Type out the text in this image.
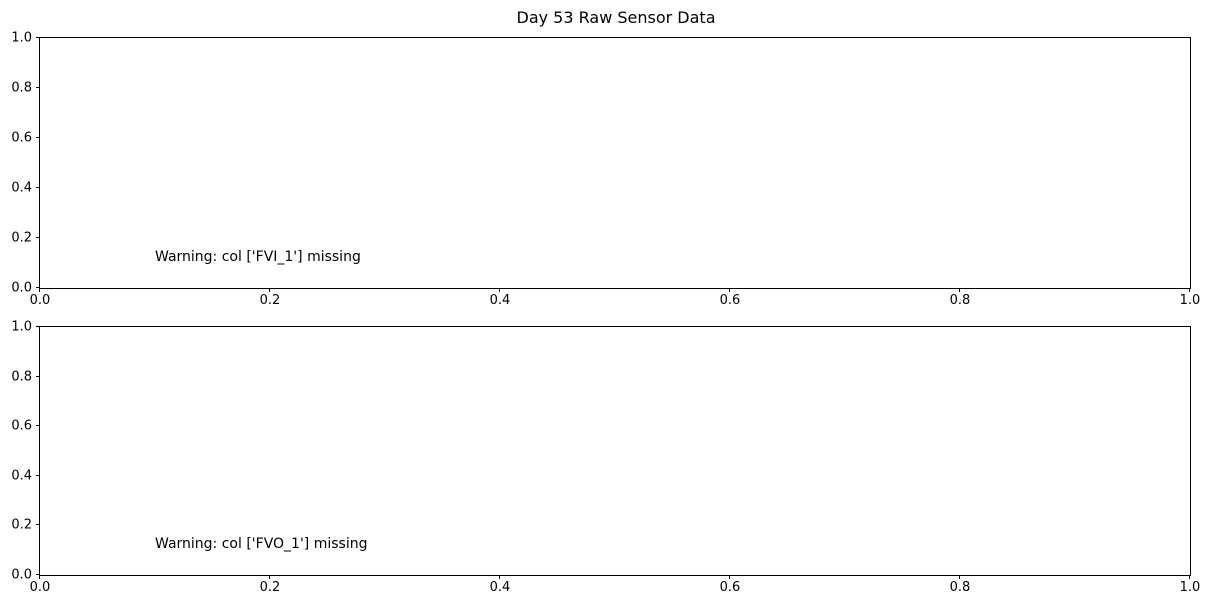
Day 53 Raw Sensor Data
0.0	0.2	0.4	0.6	0.8	1.0
0.0
0.2
0.4
0.6
0.8
1.0
Warning: col ['FVI_1'] missing
0.0	0.2	0.4	0.6	0.8	1.0
0.0
0.2
0.4
0.6
0.8
1.0
Warning: col ['FVO_1'] missing
